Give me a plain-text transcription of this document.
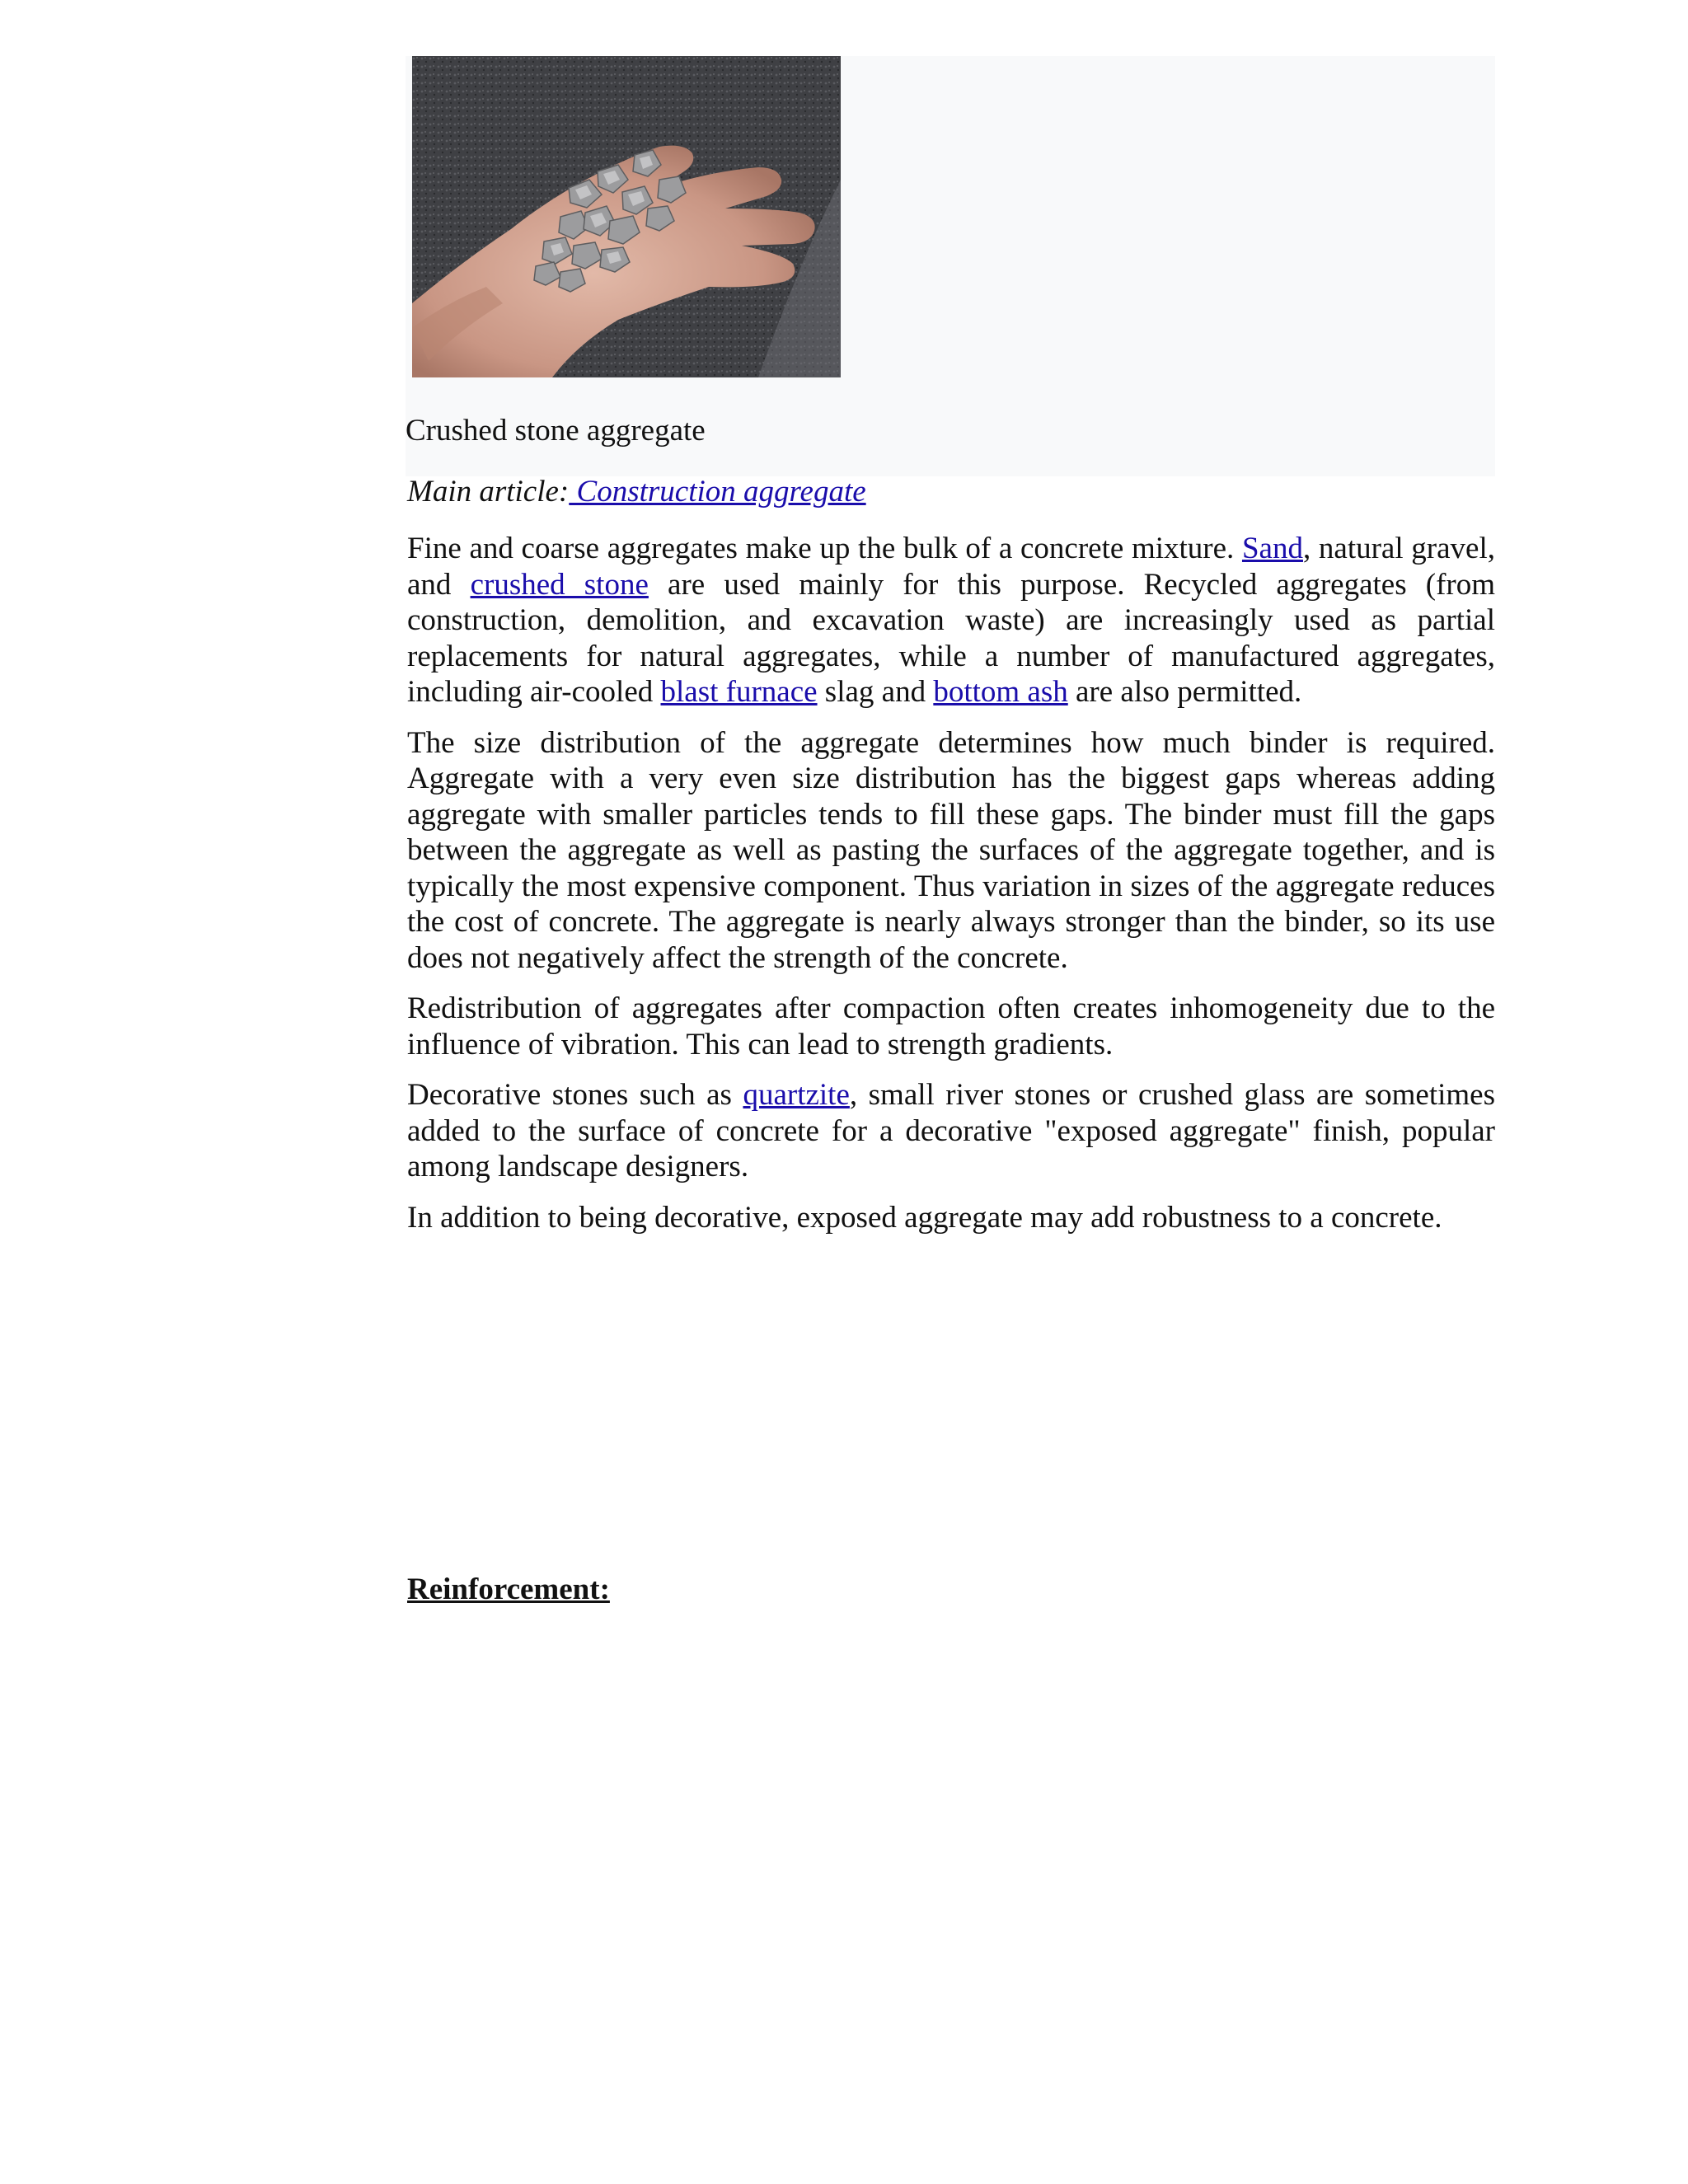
Crushed stone aggregate
Main article: Construction aggregate

Fine and coarse aggregates make up the bulk of a concrete mixture. Sand, natural gravel, and crushed stone are used mainly for this purpose. Recycled aggregates (from construction, demolition, and excavation waste) are increasingly used as partial replacements for natural aggregates, while a number of manufactured aggregates, including air-cooled blast furnace slag and bottom ash are also permitted.

The size distribution of the aggregate determines how much binder is required. Aggregate with a very even size distribution has the biggest gaps whereas adding aggregate with smaller particles tends to fill these gaps. The binder must fill the gaps between the aggregate as well as pasting the surfaces of the aggregate together, and is typically the most expensive component. Thus variation in sizes of the aggregate reduces the cost of concrete. The aggregate is nearly always stronger than the binder, so its use does not negatively affect the strength of the concrete.

Redistribution of aggregates after compaction often creates inhomogeneity due to the influence of vibration. This can lead to strength gradients.

Decorative stones such as quartzite, small river stones or crushed glass are sometimes added to the surface of concrete for a decorative "exposed aggregate" finish, popular among landscape designers.

In addition to being decorative, exposed aggregate may add robustness to a concrete.

Reinforcement:
